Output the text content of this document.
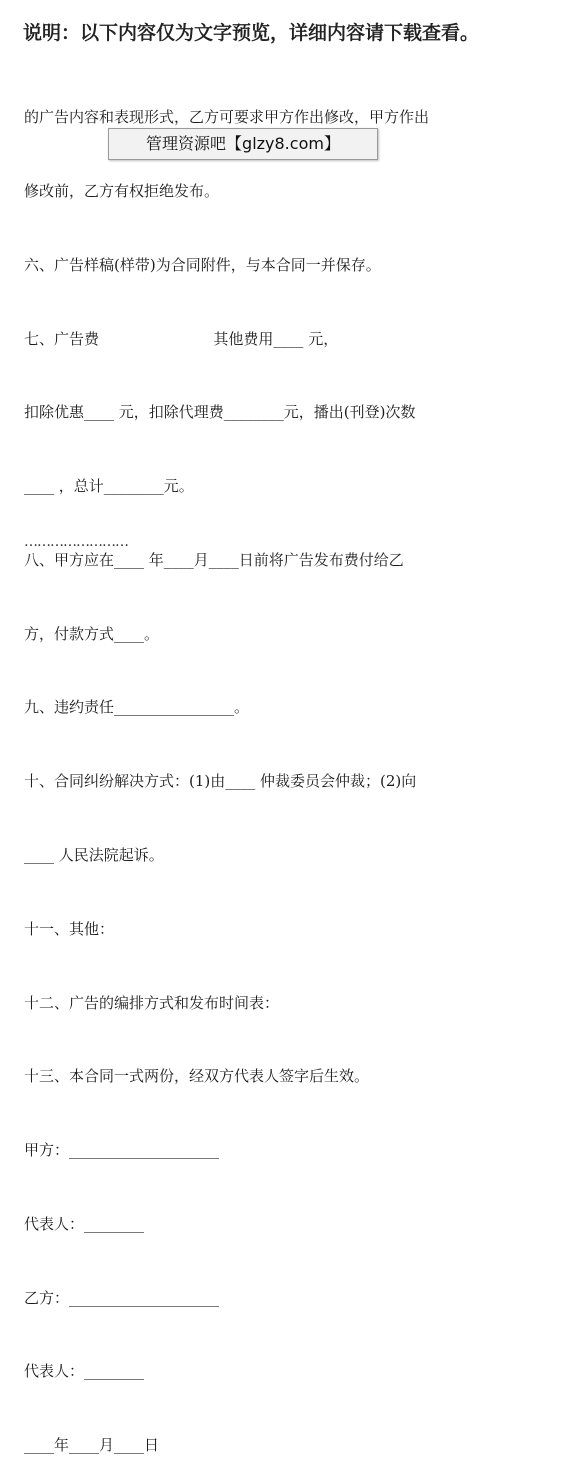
说明：以下内容仅为文字预览，详细内容请下载查看。

的广告内容和表现形式，乙方可要求甲方作出修改，甲方作出

修改前，乙方有权拒绝发布。

六、广告样稿(样带)为合同附件，与本合同一并保存。

七、广告费                        其他费用____ 元，

扣除优惠____ 元，扣除代理费________元，播出(刊登)次数

____ ，总计________元。

八、甲方应在____ 年____月____日前将广告发布费付给乙

方，付款方式____。

九、违约责任________________。

十、合同纠纷解决方式：(1)由____ 仲裁委员会仲裁；(2)向

____ 人民法院起诉。

十一、其他：

十二、广告的编排方式和发布时间表：

十三、本合同一式两份，经双方代表人签字后生效。

甲方：____________________

代表人：________

乙方：____________________

代表人：________

____年____月____日

……………………
管理资源吧【glzy8.com】
